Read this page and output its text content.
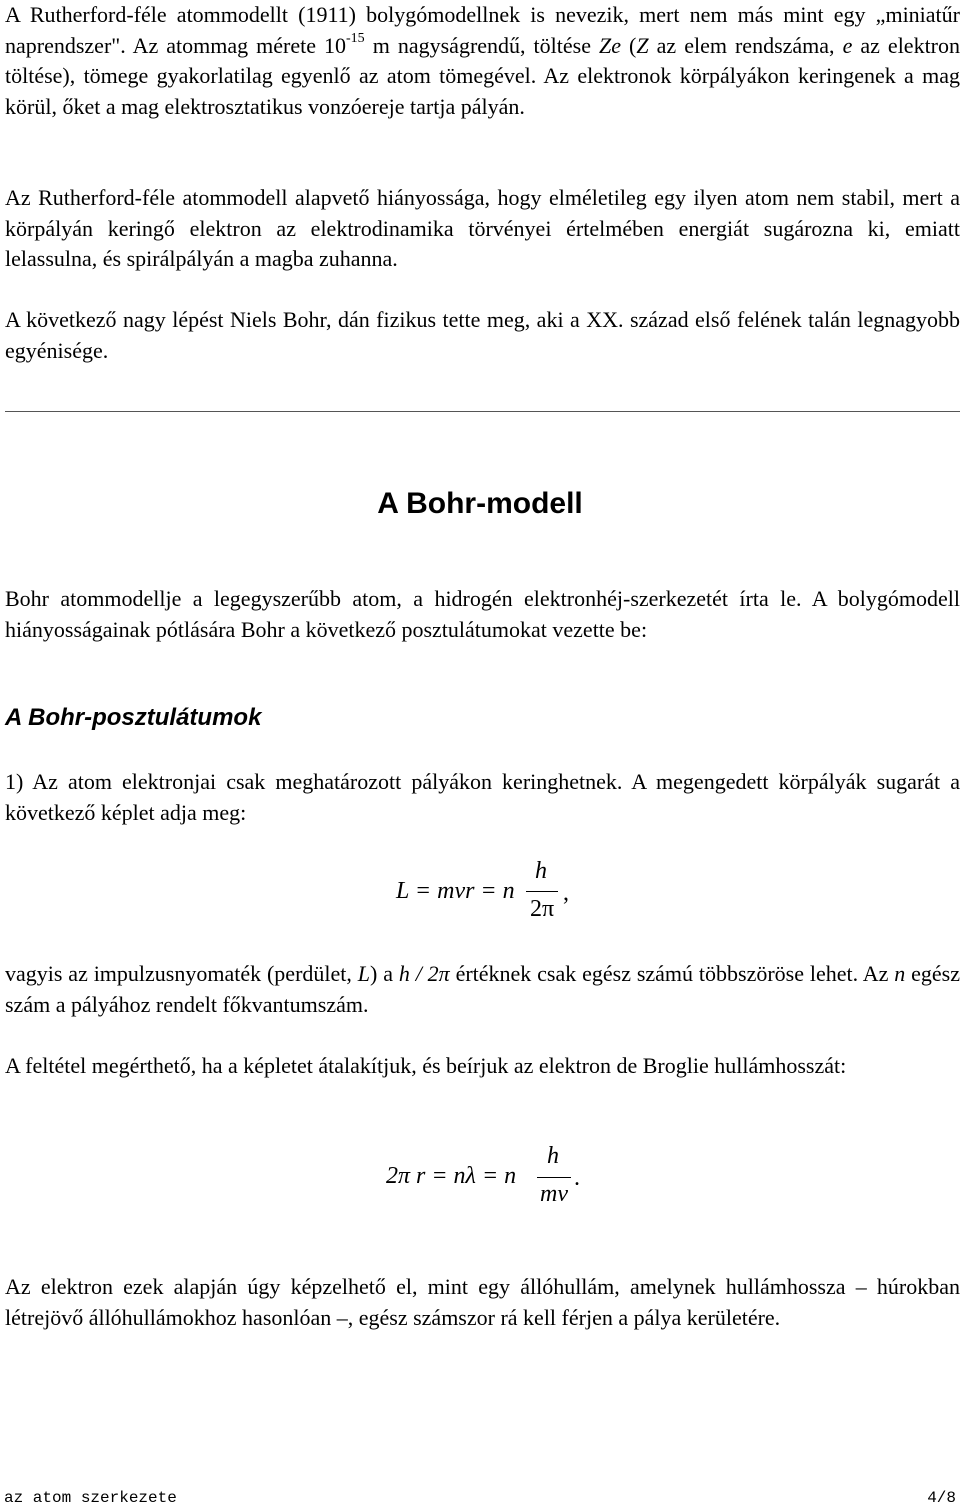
A Rutherford-féle atommodellt (1911) bolygómodellnek is nevezik, mert nem más mint egy „miniatűr naprendszer". Az atommag mérete $10^{-15}$ m nagyságrendű, töltése Ze (Z az elem rendszáma, e az elektron töltése), tömege gyakorlatilag egyenlő az atom tömegével. Az elektronok körpályákon keringenek a mag körül, őket a mag elektrosztatikus vonzóereje tartja pályán.

Az Rutherford-féle atommodell alapvető hiányossága, hogy elméletileg egy ilyen atom nem stabil, mert a körpályán keringő elektron az elektrodinamika törvényei értelmében energiát sugározna ki, emiatt lelassulna, és spirálpályán a magba zuhanna.

A következő nagy lépést Niels Bohr, dán fizikus tette meg, aki a XX. század első felének talán legnagyobb egyénisége.

A Bohr-modell

Bohr atommodellje a legegyszerűbb atom, a hidrogén elektronhéj-szerkezetét írta le. A bolygómodell hiányosságainak pótlására Bohr a következő posztulátumokat vezette be:

A Bohr-posztulátumok

1) Az atom elektronjai csak meghatározott pályákon keringhetnek. A megengedett körpályák sugarát a következő képlet adja meg:

L = mvr = n
h
2π
,

vagyis az impulzusnyomaték (perdület, L) a h / 2π értéknek csak egész számú többszöröse lehet. Az n egész szám a pályához rendelt főkvantumszám.

A feltétel megérthető, ha a képletet átalakítjuk, és beírjuk az elektron de Broglie hullámhosszát:

2π r = nλ = n
h
mv
.

Az elektron ezek alapján úgy képzelhető el, mint egy állóhullám, amelynek hullámhossza – húrokban létrejövő állóhullámokhoz hasonlóan –, egész számszor rá kell férjen a pálya kerületére.

az atom szerkezete	4/8
